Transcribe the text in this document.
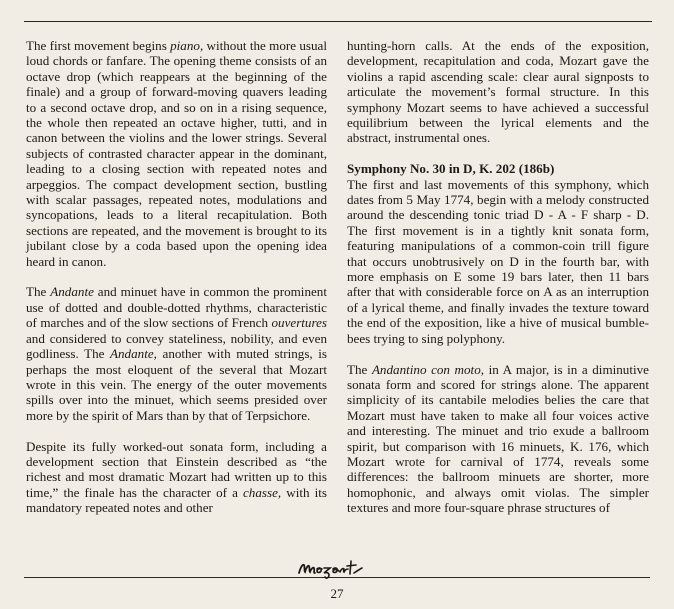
The first movement begins piano, without the more usual loud chords or fanfare. The opening theme consists of an octave drop (which reappears at the beginning of the finale) and a group of forward-moving quavers leading to a second octave drop, and so on in a rising sequence, the whole then repeated an octave higher, tutti, and in canon between the violins and the lower strings. Several subjects of contrasted character appear in the dominant, leading to a closing section with repeated notes and arpeggios. The compact development section, bustling with scalar passages, repeated notes, modulations and syncopations, leads to a literal recapitulation. Both sections are repeated, and the movement is brought to its jubilant close by a coda based upon the opening idea heard in canon.

The Andante and minuet have in common the prominent use of dotted and double-dotted rhythms, characteristic of marches and of the slow sections of French ouvertures and considered to convey stateliness, nobility, and even godliness. The Andante, another with muted strings, is perhaps the most eloquent of the several that Mozart wrote in this vein. The energy of the outer movements spills over into the minuet, which seems presided over more by the spirit of Mars than by that of Terpsichore.

Despite its fully worked-out sonata form, including a development section that Einstein described as “the richest and most dramatic Mozart had written up to this time,” the finale has the character of a chasse, with its mandatory repeated notes and other

hunting-horn calls. At the ends of the exposition, development, recapitulation and coda, Mozart gave the violins a rapid ascending scale: clear aural signposts to articulate the movement’s formal structure. In this symphony Mozart seems to have achieved a successful equilibrium between the lyrical elements and the abstract, instrumental ones.

Symphony No. 30 in D, K. 202 (186b)

The first and last movements of this symphony, which dates from 5 May 1774, begin with a melody constructed around the descending tonic triad D - A - F sharp - D. The first movement is in a tightly knit sonata form, featuring manipulations of a common-coin trill figure that occurs unobtrusively on D in the fourth bar, with more emphasis on E some 19 bars later, then 11 bars after that with considerable force on A as an interruption of a lyrical theme, and finally invades the texture toward the end of the exposition, like a hive of musical bumble-bees trying to sing polyphony.

The Andantino con moto, in A major, is in a diminutive sonata form and scored for strings alone. The apparent simplicity of its cantabile melodies belies the care that Mozart must have taken to make all four voices active and interesting. The minuet and trio exude a ballroom spirit, but comparison with 16 minuets, K. 176, which Mozart wrote for carnival of 1774, reveals some differences: the ballroom minuets are shorter, more homophonic, and always omit violas. The simpler textures and more four-square phrase structures of

27
